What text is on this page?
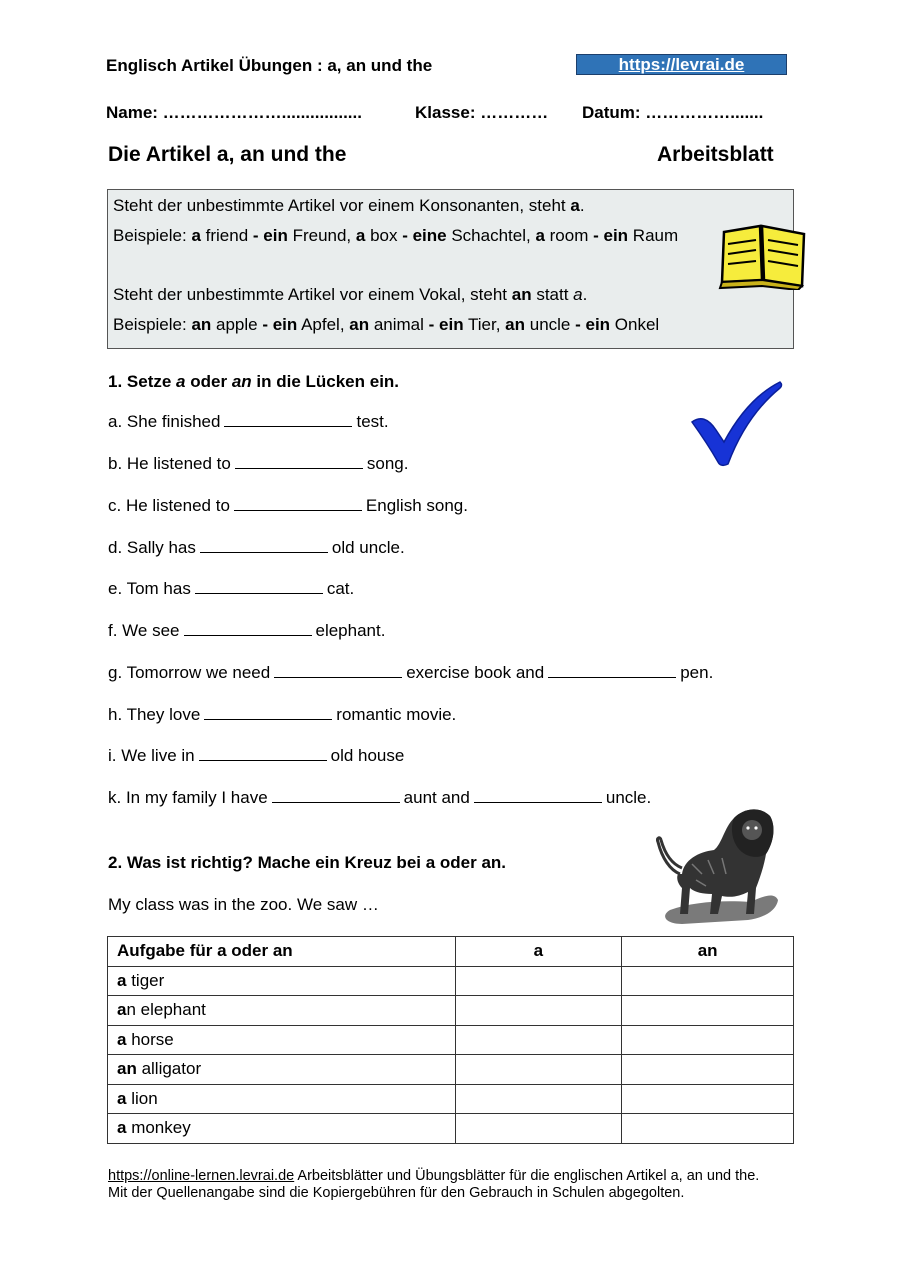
Englisch Artikel Übungen : a, an und the	https://levrai.de
Name: ………………….................	Klasse: ………… Datum: …………….......
Die Artikel a, an und the	Arbeitsblatt
Steht der unbestimmte Artikel vor einem Konsonanten, steht a.
Beispiele: a friend - ein Freund, a box - eine Schachtel, a room - ein Raum
Steht der unbestimmte Artikel vor einem Vokal, steht an statt a.
Beispiele: an apple - ein Apfel, an animal - ein Tier, an uncle - ein Onkel
1. Setze a oder an in die Lücken ein.
a. She finished	test.
b. He listened to	song.
c. He listened to	English song.
d. Sally has	old uncle.
e. Tom has	cat.
f. We see	elephant.
g. Tomorrow we need	exercise book and	pen.
h. They love	romantic movie.
i. We live in	old house
k. In my family I have	aunt and	uncle.
2. Was ist richtig? Mache ein Kreuz bei a oder an.
My class was in the zoo. We saw …
Aufgabe für a oder an	a	an
a tiger		
an elephant		
a horse		
an alligator		
a lion		
a monkey		
https://online-lernen.levrai.de Arbeitsblätter und Übungsblätter für die englischen Artikel a, an und the.
Mit der Quellenangabe sind die Kopiergebühren für den Gebrauch in Schulen abgegolten.
